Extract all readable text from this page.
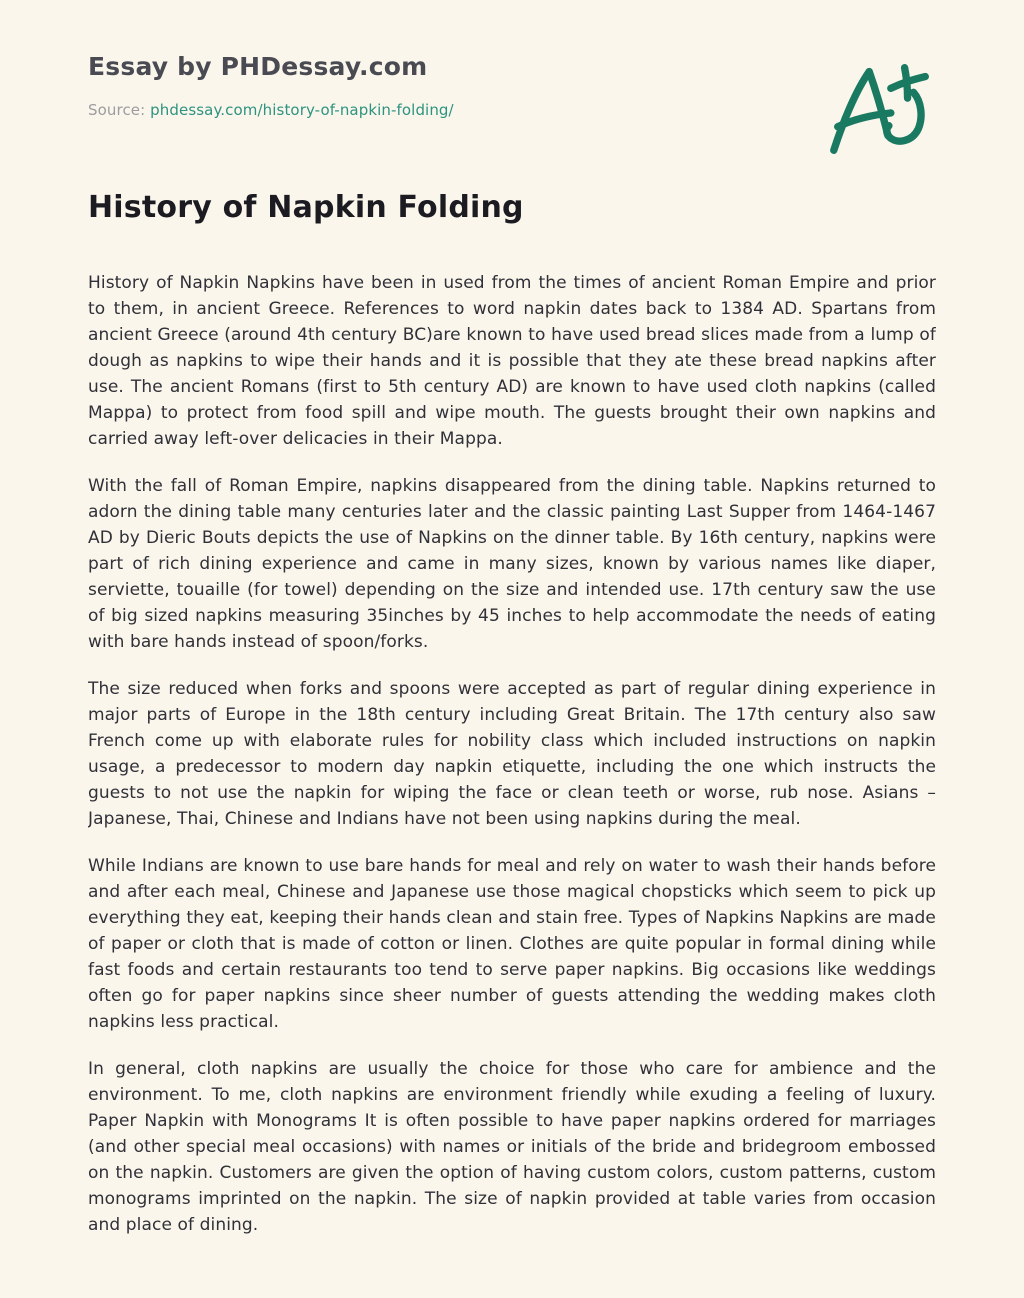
Essay by PHDessay.com
Source: phdessay.com/history-of-napkin-folding/
History of Napkin Folding

History of Napkin Napkins have been in used from the times of ancient Roman Empire and prior to them, in ancient Greece. References to word napkin dates back to 1384 AD. Spartans from ancient Greece (around 4th century BC)are known to have used bread slices made from a lump of dough as napkins to wipe their hands and it is possible that they ate these bread napkins after use. The ancient Romans (first to 5th century AD) are known to have used cloth napkins (called Mappa) to protect from food spill and wipe mouth. The guests brought their own napkins and carried away left-over delicacies in their Mappa.

With the fall of Roman Empire, napkins disappeared from the dining table. Napkins returned to adorn the dining table many centuries later and the classic painting Last Supper from 1464-1467 AD by Dieric Bouts depicts the use of Napkins on the dinner table. By 16th century, napkins were part of rich dining experience and came in many sizes, known by various names like diaper, serviette, touaille (for towel) depending on the size and intended use. 17th century saw the use of big sized napkins measuring 35inches by 45 inches to help accommodate the needs of eating with bare hands instead of spoon/forks.

The size reduced when forks and spoons were accepted as part of regular dining experience in major parts of Europe in the 18th century including Great Britain. The 17th century also saw French come up with elaborate rules for nobility class which included instructions on napkin usage, a predecessor to modern day napkin etiquette, including the one which instructs the guests to not use the napkin for wiping the face or clean teeth or worse, rub nose. Asians – Japanese, Thai, Chinese and Indians have not been using napkins during the meal.

While Indians are known to use bare hands for meal and rely on water to wash their hands before and after each meal, Chinese and Japanese use those magical chopsticks which seem to pick up everything they eat, keeping their hands clean and stain free. Types of Napkins Napkins are made of paper or cloth that is made of cotton or linen. Clothes are quite popular in formal dining while fast foods and certain restaurants too tend to serve paper napkins. Big occasions like weddings often go for paper napkins since sheer number of guests attending the wedding makes cloth napkins less practical.

In general, cloth napkins are usually the choice for those who care for ambience and the environment. To me, cloth napkins are environment friendly while exuding a feeling of luxury. Paper Napkin with Monograms It is often possible to have paper napkins ordered for marriages (and other special meal occasions) with names or initials of the bride and bridegroom embossed on the napkin. Customers are given the option of having custom colors, custom patterns, custom monograms imprinted on the napkin. The size of napkin provided at table varies from occasion and place of dining.
